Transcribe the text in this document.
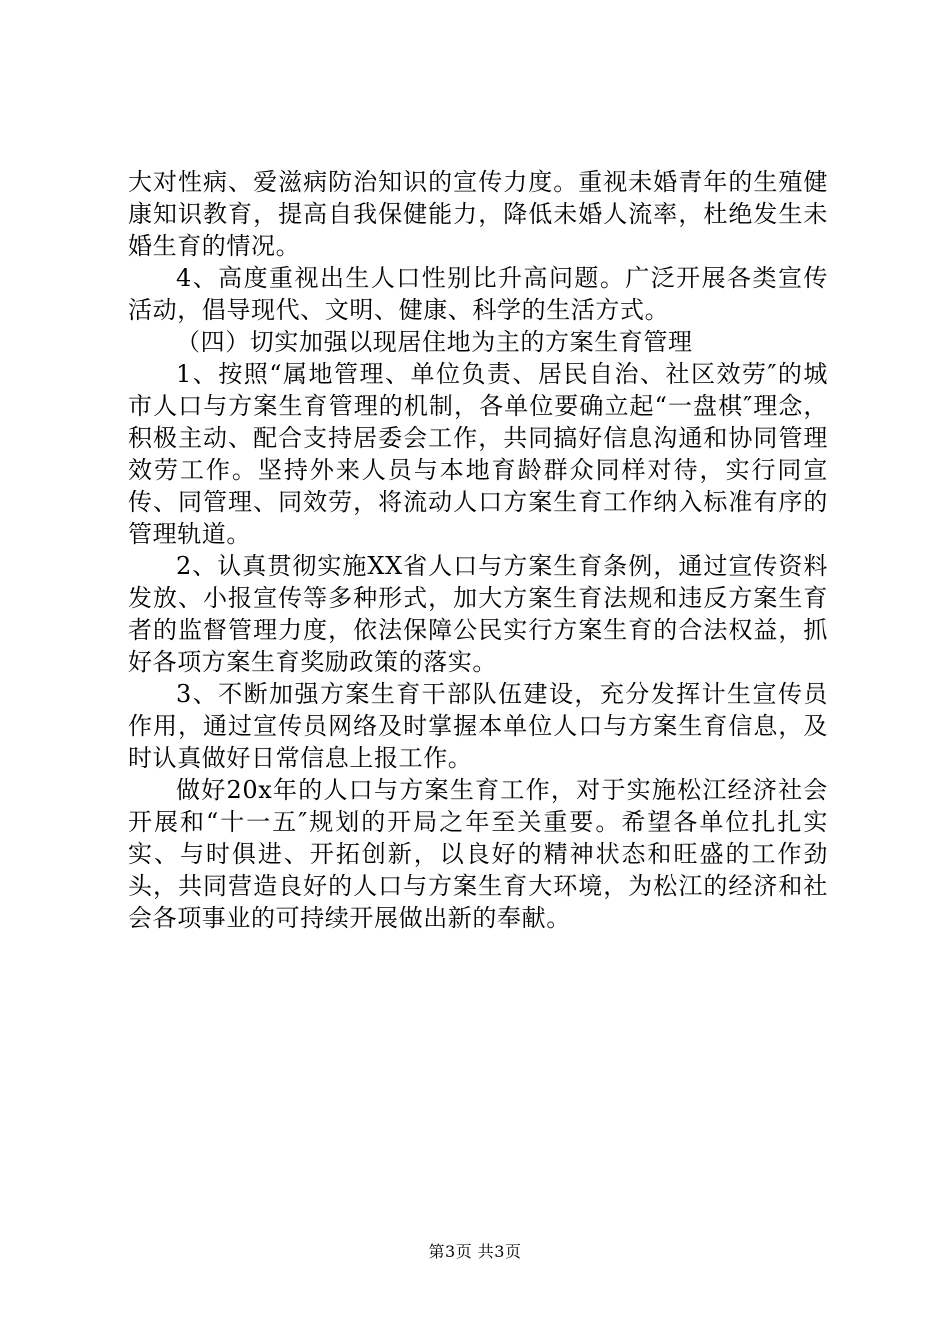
大对性病、爱滋病防治知识的宣传力度。重视未婚青年的生殖健康知识教育，提高自我保健能力，降低未婚人流率，杜绝发生未婚生育的情况。

4、高度重视出生人口性别比升高问题。广泛开展各类宣传活动，倡导现代、文明、健康、科学的生活方式。

（四）切实加强以现居住地为主的方案生育管理

1、按照“属地管理、单位负责、居民自治、社区效劳″的城市人口与方案生育管理的机制，各单位要确立起“一盘棋″理念，积极主动、配合支持居委会工作，共同搞好信息沟通和协同管理效劳工作。坚持外来人员与本地育龄群众同样对待，实行同宣传、同管理、同效劳，将流动人口方案生育工作纳入标准有序的管理轨道。

2、认真贯彻实施XX省人口与方案生育条例，通过宣传资料发放、小报宣传等多种形式，加大方案生育法规和违反方案生育者的监督管理力度，依法保障公民实行方案生育的合法权益，抓好各项方案生育奖励政策的落实。

3、不断加强方案生育干部队伍建设，充分发挥计生宣传员作用，通过宣传员网络及时掌握本单位人口与方案生育信息，及时认真做好日常信息上报工作。

做好20x年的人口与方案生育工作，对于实施松江经济社会开展和“十一五″规划的开局之年至关重要。希望各单位扎扎实实、与时俱进、开拓创新，以良好的精神状态和旺盛的工作劲头，共同营造良好的人口与方案生育大环境，为松江的经济和社会各项事业的可持续开展做出新的奉献。

第3页 共3页
